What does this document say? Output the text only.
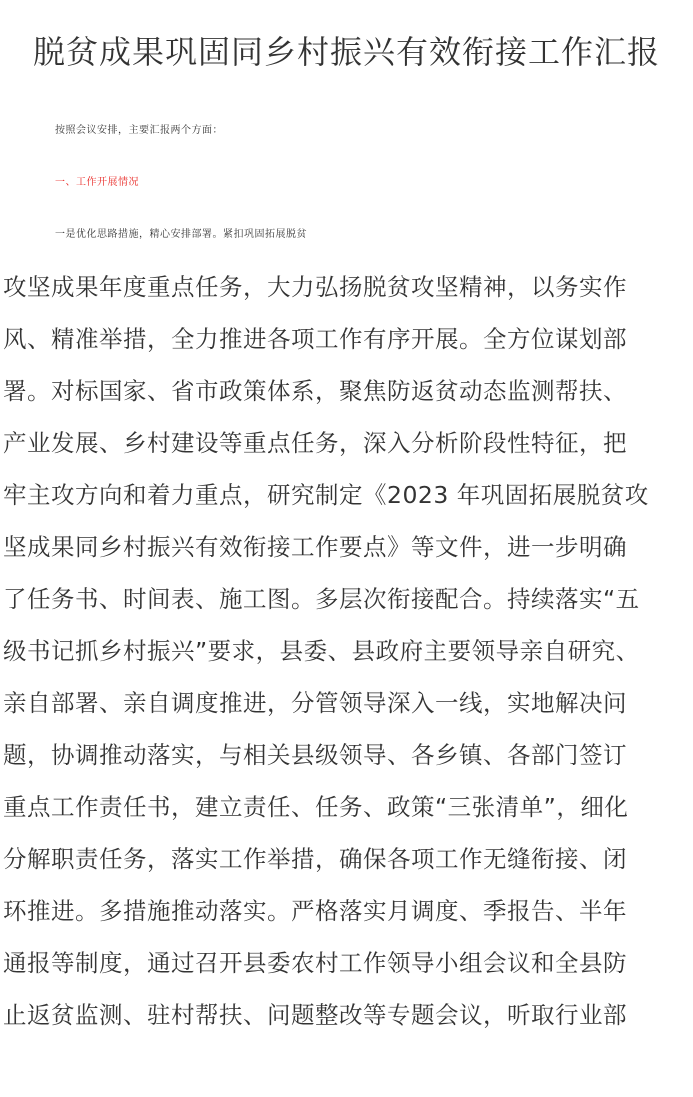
脱贫成果巩固同乡村振兴有效衔接工作汇报
按照会议安排，主要汇报两个方面：
一、工作开展情况
一是优化思路措施，精心安排部署。紧扣巩固拓展脱贫
攻坚成果年度重点任务，大力弘扬脱贫攻坚精神，以务实作
风、精准举措，全力推进各项工作有序开展。全方位谋划部
署。对标国家、省市政策体系，聚焦防返贫动态监测帮扶、
产业发展、乡村建设等重点任务，深入分析阶段性特征，把
牢主攻方向和着力重点，研究制定《2023 年巩固拓展脱贫攻
坚成果同乡村振兴有效衔接工作要点》等文件，进一步明确
了任务书、时间表、施工图。多层次衔接配合。持续落实“五
级书记抓乡村振兴”要求，县委、县政府主要领导亲自研究、
亲自部署、亲自调度推进，分管领导深入一线，实地解决问
题，协调推动落实，与相关县级领导、各乡镇、各部门签订
重点工作责任书，建立责任、任务、政策“三张清单”，细化
分解职责任务，落实工作举措，确保各项工作无缝衔接、闭
环推进。多措施推动落实。严格落实月调度、季报告、半年
通报等制度，通过召开县委农村工作领导小组会议和全县防
止返贫监测、驻村帮扶、问题整改等专题会议，听取行业部
